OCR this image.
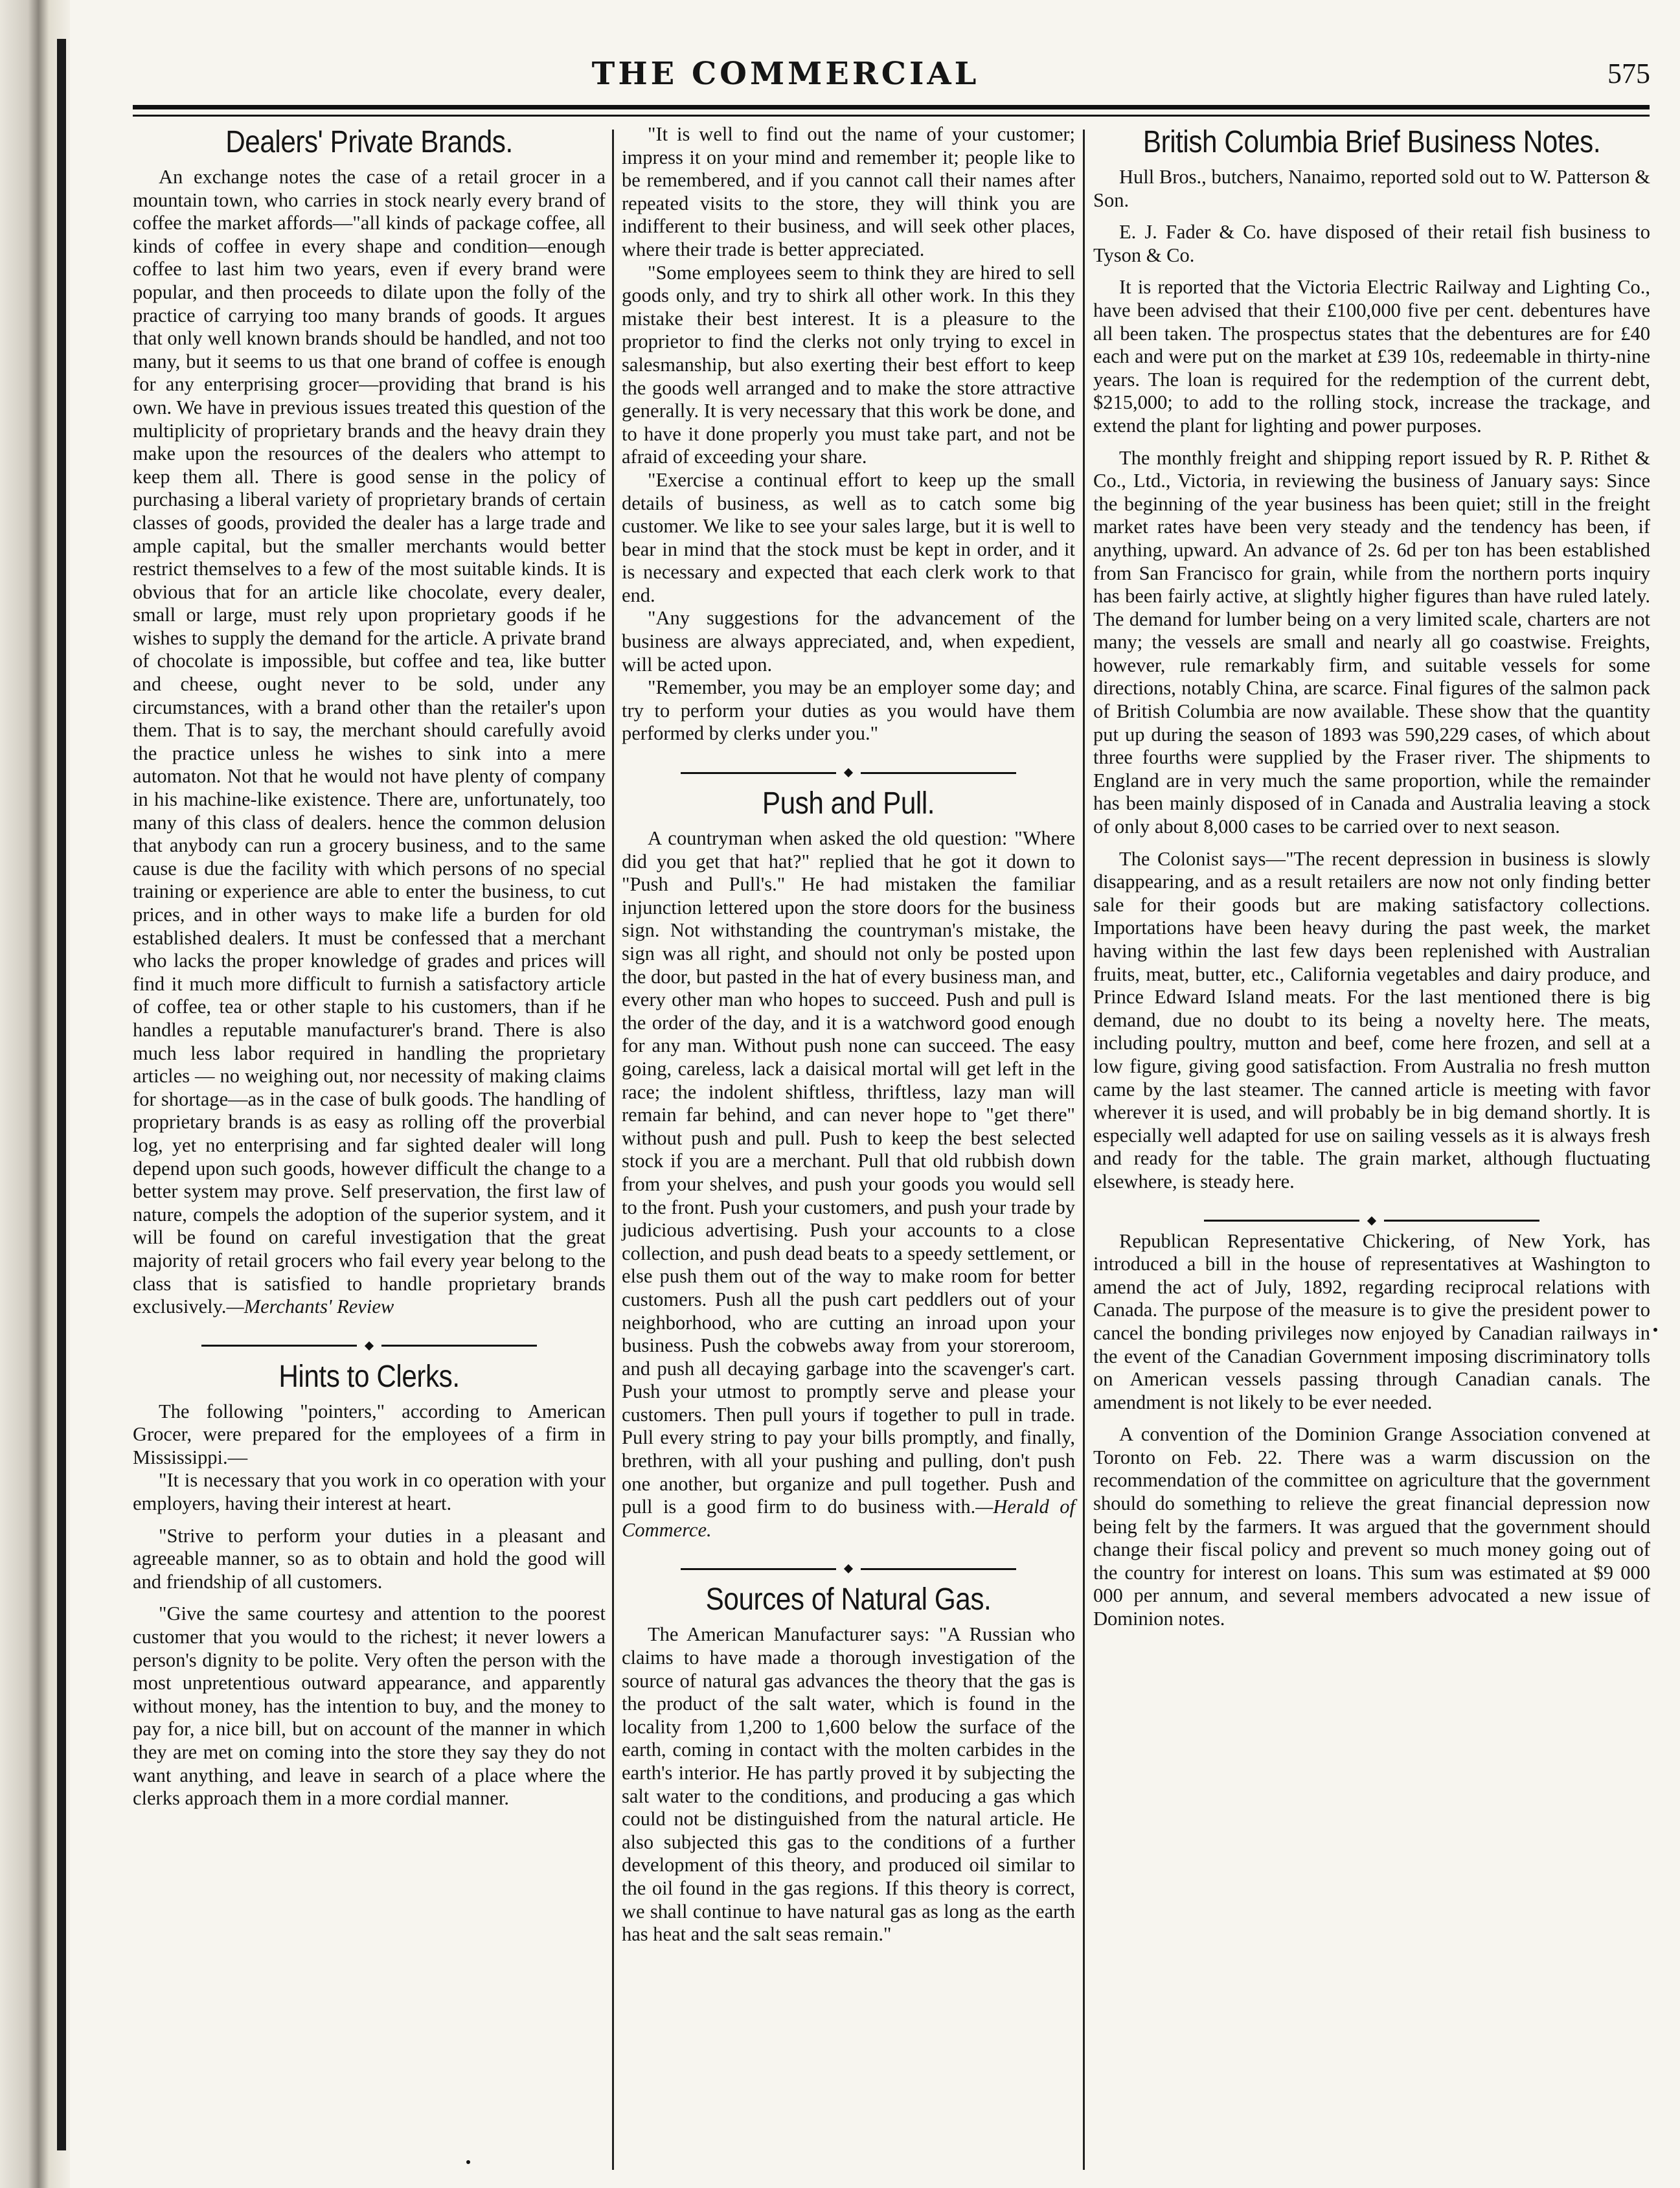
THE COMMERCIAL	575
Dealers' Private Brands.

An exchange notes the case of a retail grocer in a mountain town, who carries in stock nearly every brand of coffee the market affords—"all kinds of package coffee, all kinds of coffee in every shape and condition—enough coffee to last him two years, even if every brand were popular, and then proceeds to dilate upon the folly of the practice of carrying too many brands of goods. It argues that only well known brands should be handled, and not too many, but it seems to us that one brand of coffee is enough for any enterprising grocer—providing that brand is his own. We have in previous issues treated this question of the multiplicity of proprietary brands and the heavy drain they make upon the resources of the dealers who attempt to keep them all. There is good sense in the policy of purchasing a liberal variety of proprietary brands of certain classes of goods, provided the dealer has a large trade and ample capital, but the smaller merchants would better restrict themselves to a few of the most suitable kinds. It is obvious that for an article like chocolate, every dealer, small or large, must rely upon proprietary goods if he wishes to supply the demand for the article. A private brand of chocolate is impossible, but coffee and tea, like butter and cheese, ought never to be sold, under any circumstances, with a brand other than the retailer's upon them. That is to say, the merchant should carefully avoid the practice unless he wishes to sink into a mere automaton. Not that he would not have plenty of company in his machine-like existence. There are, unfortunately, too many of this class of dealers. hence the common delusion that anybody can run a grocery business, and to the same cause is due the facility with which persons of no special training or experience are able to enter the business, to cut prices, and in other ways to make life a burden for old established dealers. It must be confessed that a merchant who lacks the proper knowledge of grades and prices will find it much more difficult to furnish a satisfactory article of coffee, tea or other staple to his customers, than if he handles a reputable manufacturer's brand. There is also much less labor required in handling the proprietary articles — no weighing out, nor necessity of making claims for shortage—as in the case of bulk goods. The handling of proprietary brands is as easy as rolling off the proverbial log, yet no enterprising and far sighted dealer will long depend upon such goods, however difficult the change to a better system may prove. Self preservation, the first law of nature, compels the adoption of the superior system, and it will be found on careful investigation that the great majority of retail grocers who fail every year belong to the class that is satisfied to handle proprietary brands exclusively.—Merchants' Review

Hints to Clerks.

The following "pointers," according to American Grocer, were prepared for the employees of a firm in Mississippi.—

"It is necessary that you work in co operation with your employers, having their interest at heart.

"Strive to perform your duties in a pleasant and agreeable manner, so as to obtain and hold the good will and friendship of all customers.

"Give the same courtesy and attention to the poorest customer that you would to the richest; it never lowers a person's dignity to be polite. Very often the person with the most unpretentious outward appearance, and apparently without money, has the intention to buy, and the money to pay for, a nice bill, but on account of the manner in which they are met on coming into the store they say they do not want anything, and leave in search of a place where the clerks approach them in a more cordial manner.

"It is well to find out the name of your customer; impress it on your mind and remember it; people like to be remembered, and if you cannot call their names after repeated visits to the store, they will think you are indifferent to their business, and will seek other places, where their trade is better appreciated.

"Some employees seem to think they are hired to sell goods only, and try to shirk all other work. In this they mistake their best interest. It is a pleasure to the proprietor to find the clerks not only trying to excel in salesmanship, but also exerting their best effort to keep the goods well arranged and to make the store attractive generally. It is very necessary that this work be done, and to have it done properly you must take part, and not be afraid of exceeding your share.

"Exercise a continual effort to keep up the small details of business, as well as to catch some big customer. We like to see your sales large, but it is well to bear in mind that the stock must be kept in order, and it is necessary and expected that each clerk work to that end.

"Any suggestions for the advancement of the business are always appreciated, and, when expedient, will be acted upon.

"Remember, you may be an employer some day; and try to perform your duties as you would have them performed by clerks under you."

Push and Pull.

A countryman when asked the old question: "Where did you get that hat?" replied that he got it down to "Push and Pull's." He had mistaken the familiar injunction lettered upon the store doors for the business sign. Not withstanding the countryman's mistake, the sign was all right, and should not only be posted upon the door, but pasted in the hat of every business man, and every other man who hopes to succeed. Push and pull is the order of the day, and it is a watchword good enough for any man. Without push none can succeed. The easy going, careless, lack a daisical mortal will get left in the race; the indolent shiftless, thriftless, lazy man will remain far behind, and can never hope to "get there" without push and pull. Push to keep the best selected stock if you are a merchant. Pull that old rubbish down from your shelves, and push your goods you would sell to the front. Push your customers, and push your trade by judicious advertising. Push your accounts to a close collection, and push dead beats to a speedy settlement, or else push them out of the way to make room for better customers. Push all the push cart peddlers out of your neighborhood, who are cutting an inroad upon your business. Push the cobwebs away from your storeroom, and push all decaying garbage into the scavenger's cart. Push your utmost to promptly serve and please your customers. Then pull yours if together to pull in trade. Pull every string to pay your bills promptly, and finally, brethren, with all your pushing and pulling, don't push one another, but organize and pull together. Push and pull is a good firm to do business with.—Herald of Commerce.

Sources of Natural Gas.

The American Manufacturer says: "A Russian who claims to have made a thorough investigation of the source of natural gas advances the theory that the gas is the product of the salt water, which is found in the locality from 1,200 to 1,600 below the surface of the earth, coming in contact with the molten carbides in the earth's interior. He has partly proved it by subjecting the salt water to the conditions, and producing a gas which could not be distinguished from the natural article. He also subjected this gas to the conditions of a further development of this theory, and produced oil similar to the oil found in the gas regions. If this theory is correct, we shall continue to have natural gas as long as the earth has heat and the salt seas remain."

British Columbia Brief Business Notes.

Hull Bros., butchers, Nanaimo, reported sold out to W. Patterson & Son.

E. J. Fader & Co. have disposed of their retail fish business to Tyson & Co.

It is reported that the Victoria Electric Railway and Lighting Co., have been advised that their £100,000 five per cent. debentures have all been taken. The prospectus states that the debentures are for £40 each and were put on the market at £39 10s, redeemable in thirty-nine years. The loan is required for the redemption of the current debt, $215,000; to add to the rolling stock, increase the trackage, and extend the plant for lighting and power purposes.

The monthly freight and shipping report issued by R. P. Rithet & Co., Ltd., Victoria, in reviewing the business of January says: Since the beginning of the year business has been quiet; still in the freight market rates have been very steady and the tendency has been, if anything, upward. An advance of 2s. 6d per ton has been established from San Francisco for grain, while from the northern ports inquiry has been fairly active, at slightly higher figures than have ruled lately. The demand for lumber being on a very limited scale, charters are not many; the vessels are small and nearly all go coastwise. Freights, however, rule remarkably firm, and suitable vessels for some directions, notably China, are scarce. Final figures of the salmon pack of British Columbia are now available. These show that the quantity put up during the season of 1893 was 590,229 cases, of which about three fourths were supplied by the Fraser river. The shipments to England are in very much the same proportion, while the remainder has been mainly disposed of in Canada and Australia leaving a stock of only about 8,000 cases to be carried over to next season.

The Colonist says—"The recent depression in business is slowly disappearing, and as a result retailers are now not only finding better sale for their goods but are making satisfactory collections. Importations have been heavy during the past week, the market having within the last few days been replenished with Australian fruits, meat, butter, etc., California vegetables and dairy produce, and Prince Edward Island meats. For the last mentioned there is big demand, due no doubt to its being a novelty here. The meats, including poultry, mutton and beef, come here frozen, and sell at a low figure, giving good satisfaction. From Australia no fresh mutton came by the last steamer. The canned article is meeting with favor wherever it is used, and will probably be in big demand shortly. It is especially well adapted for use on sailing vessels as it is always fresh and ready for the table. The grain market, although fluctuating elsewhere, is steady here.

Republican Representative Chickering, of New York, has introduced a bill in the house of representatives at Washington to amend the act of July, 1892, regarding reciprocal relations with Canada. The purpose of the measure is to give the president power to cancel the bonding privileges now enjoyed by Canadian railways in the event of the Canadian Government imposing discriminatory tolls on American vessels passing through Canadian canals. The amendment is not likely to be ever needed.

A convention of the Dominion Grange Association convened at Toronto on Feb. 22. There was a warm discussion on the recommendation of the committee on agriculture that the government should do something to relieve the great financial depression now being felt by the farmers. It was argued that the government should change their fiscal policy and prevent so much money going out of the country for interest on loans. This sum was estimated at $9 000 000 per annum, and several members advocated a new issue of Dominion notes.
